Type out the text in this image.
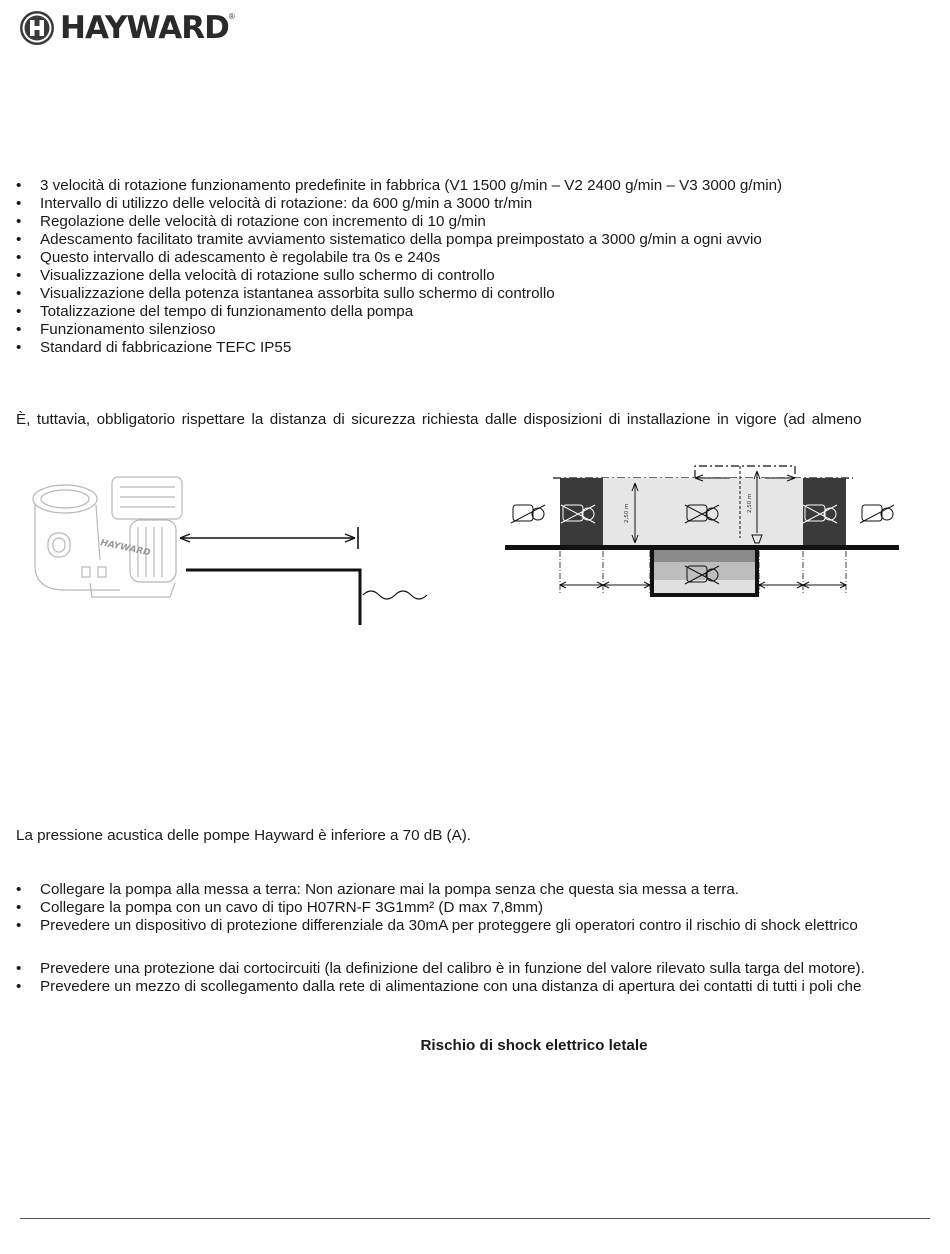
HAYWARD ®
• 3 velocità di rotazione funzionamento predefinite in fabbrica (V1 1500 g/min – V2 2400 g/min – V3 3000 g/min)
• Intervallo di utilizzo delle velocità di rotazione: da 600 g/min a 3000 tr/min
• Regolazione delle velocità di rotazione con incremento di 10 g/min
• Adescamento facilitato tramite avviamento sistematico della pompa preimpostato a 3000 g/min a ogni avvio
• Questo intervallo di adescamento è regolabile tra 0s e 240s
• Visualizzazione della velocità di rotazione sullo schermo di controllo
• Visualizzazione della potenza istantanea assorbita sullo schermo di controllo
• Totalizzazione del tempo di funzionamento della pompa
• Funzionamento silenzioso
• Standard di fabbricazione TEFC IP55

È, tuttavia, obbligatorio rispettare la distanza di sicurezza richiesta dalle disposizioni di installazione in vigore (ad almeno

HAYWARD
2,50 m
2,50 m

La pressione acustica delle pompe Hayward è inferiore a 70 dB (A).

• Collegare la pompa alla messa a terra: Non azionare mai la pompa senza che questa sia messa a terra.
• Collegare la pompa con un cavo di tipo H07RN-F 3G1mm² (D max 7,8mm)
• Prevedere un dispositivo di protezione differenziale da 30mA per proteggere gli operatori contro il rischio di shock elettrico
• Prevedere una protezione dai cortocircuiti (la definizione del calibro è in funzione del valore rilevato sulla targa del motore).
• Prevedere un mezzo di scollegamento dalla rete di alimentazione con una distanza di apertura dei contatti di tutti i poli che
Rischio di shock elettrico letale
